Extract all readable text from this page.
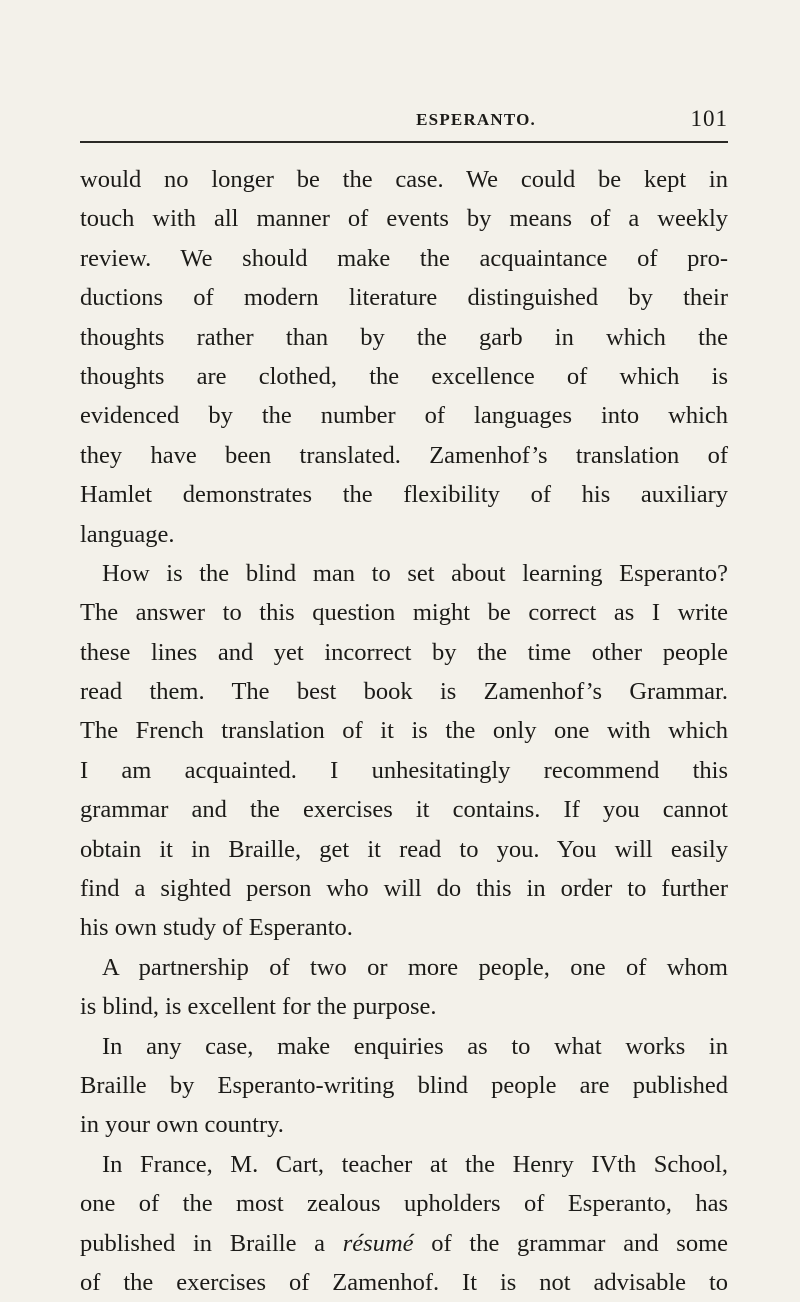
ESPERANTO.	101
would no longer be the case. We could be kept in
touch with all manner of events by means of a weekly
review. We should make the acquaintance of pro-
ductions of modern literature distinguished by their
thoughts rather than by the garb in which the
thoughts are clothed, the excellence of which is
evidenced by the number of languages into which
they have been translated. Zamenhof’s translation of
Hamlet demonstrates the flexibility of his auxiliary
language.
How is the blind man to set about learning Esperanto?
The answer to this question might be correct as I write
these lines and yet incorrect by the time other people
read them. The best book is Zamenhof’s Grammar.
The French translation of it is the only one with which
I am acquainted. I unhesitatingly recommend this
grammar and the exercises it contains. If you cannot
obtain it in Braille, get it read to you. You will easily
find a sighted person who will do this in order to further
his own study of Esperanto.
A partnership of two or more people, one of whom
is blind, is excellent for the purpose.
In any case, make enquiries as to what works in
Braille by Esperanto-writing blind people are published
in your own country.
In France, M. Cart, teacher at the Henry IVth School,
one of the most zealous upholders of Esperanto, has
published in Braille a résumé of the grammar and some
of the exercises of Zamenhof. It is not advisable to
